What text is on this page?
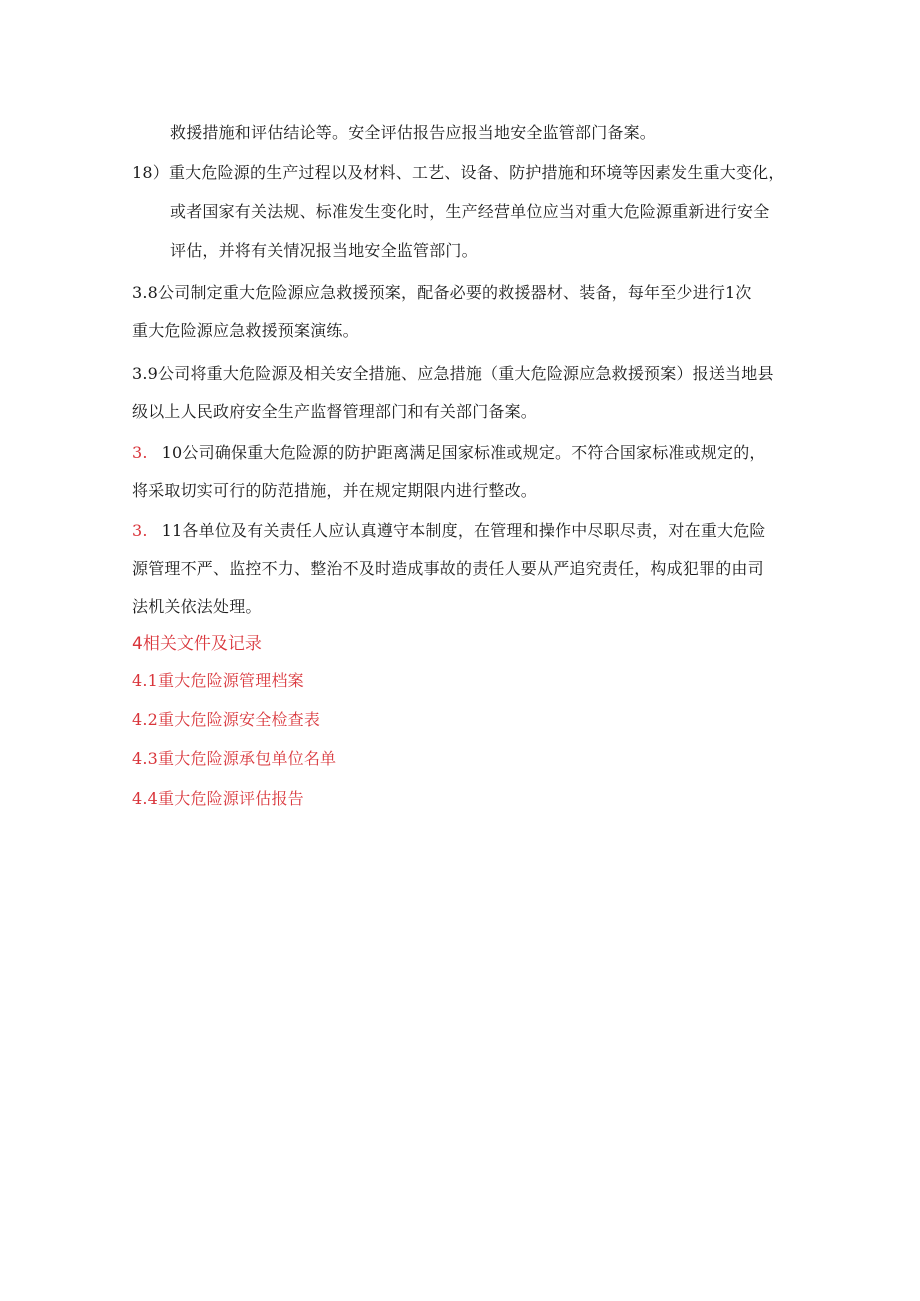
救援措施和评估结论等。安全评估报告应报当地安全监管部门备案。
18）重大危险源的生产过程以及材料、工艺、设备、防护措施和环境等因素发生重大变化，
或者国家有关法规、标准发生变化时，生产经营单位应当对重大危险源重新进行安全
评估，并将有关情况报当地安全监管部门。
3.8公司制定重大危险源应急救援预案，配备必要的救援器材、装备，每年至少进行1次
重大危险源应急救援预案演练。
3.9公司将重大危险源及相关安全措施、应急措施（重大危险源应急救援预案）报送当地县
级以上人民政府安全生产监督管理部门和有关部门备案。
3. 10公司确保重大危险源的防护距离满足国家标准或规定。不符合国家标准或规定的，
将采取切实可行的防范措施，并在规定期限内进行整改。
3. 11各单位及有关责任人应认真遵守本制度，在管理和操作中尽职尽责，对在重大危险
源管理不严、监控不力、整治不及时造成事故的责任人要从严追究责任，构成犯罪的由司
法机关依法处理。
4相关文件及记录
4.1重大危险源管理档案
4.2重大危险源安全检查表
4.3重大危险源承包单位名单
4.4重大危险源评估报告
